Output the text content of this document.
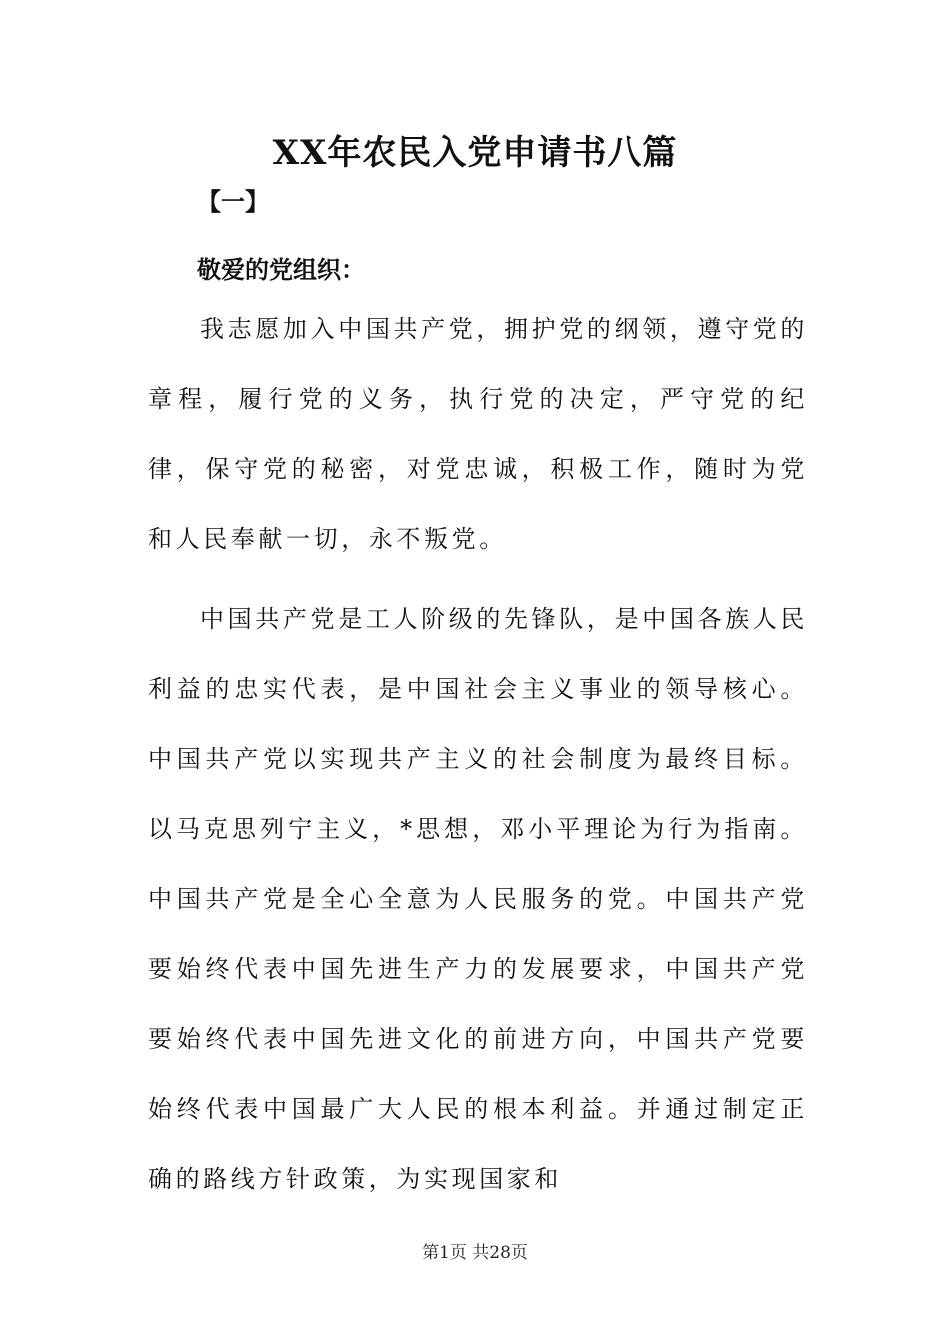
XX年农民入党申请书八篇
【一】
敬爱的党组织：

我志愿加入中国共产党，拥护党的纲领，遵守党的章程，履行党的义务，执行党的决定，严守党的纪律，保守党的秘密，对党忠诚，积极工作，随时为党和人民奉献一切，永不叛党。

中国共产党是工人阶级的先锋队，是中国各族人民利益的忠实代表，是中国社会主义事业的领导核心。中国共产党以实现共产主义的社会制度为最终目标。以马克思列宁主义，*思想，邓小平理论为行为指南。中国共产党是全心全意为人民服务的党。中国共产党要始终代表中国先进生产力的发展要求，中国共产党要始终代表中国先进文化的前进方向，中国共产党要始终代表中国最广大人民的根本利益。并通过制定正确的路线方针政策，为实现国家和

第1页 共28页
